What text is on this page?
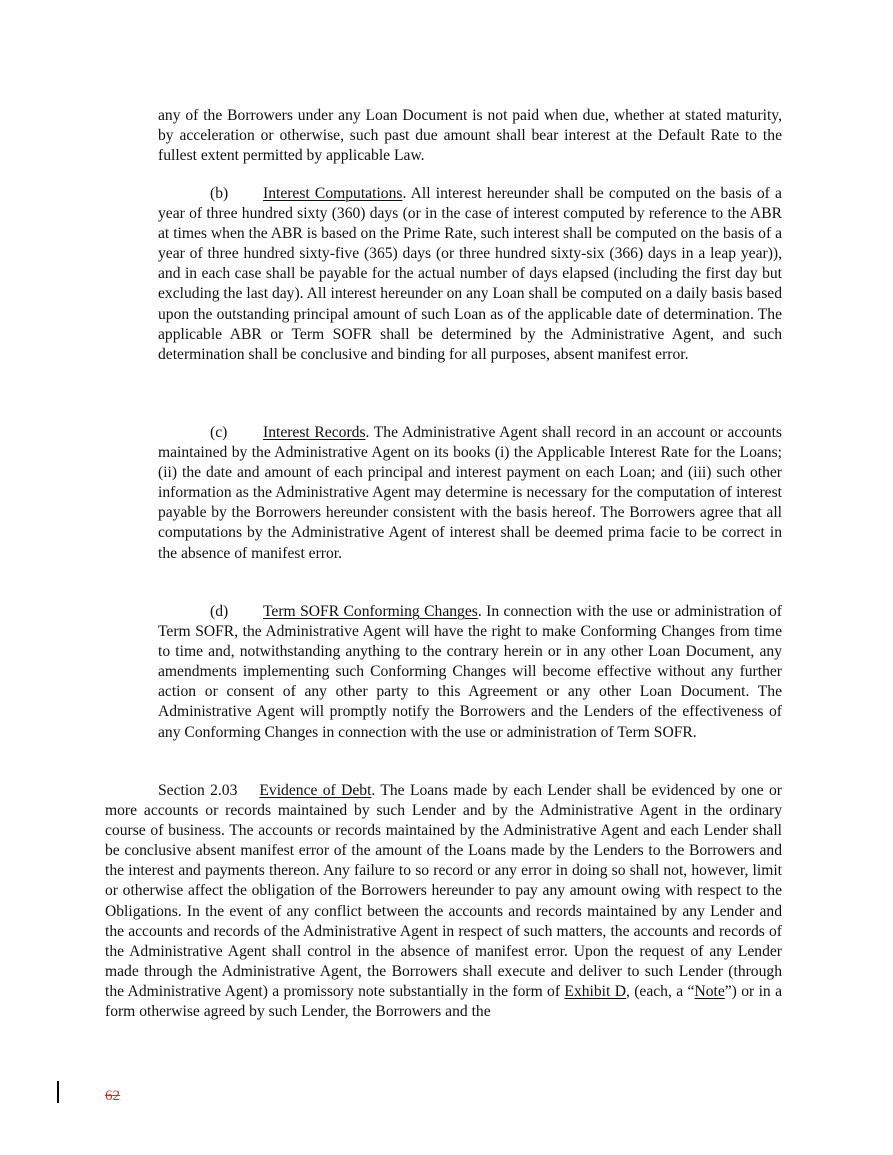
any of the Borrowers under any Loan Document is not paid when due, whether at stated maturity, by acceleration or otherwise, such past due amount shall bear interest at the Default Rate to the fullest extent permitted by applicable Law.

(b) Interest Computations. All interest hereunder shall be computed on the basis of a year of three hundred sixty (360) days (or in the case of interest computed by reference to the ABR at times when the ABR is based on the Prime Rate, such interest shall be computed on the basis of a year of three hundred sixty-five (365) days (or three hundred sixty-six (366) days in a leap year)), and in each case shall be payable for the actual number of days elapsed (including the first day but excluding the last day). All interest hereunder on any Loan shall be computed on a daily basis based upon the outstanding principal amount of such Loan as of the applicable date of determination. The applicable ABR or Term SOFR shall be determined by the Administrative Agent, and such determination shall be conclusive and binding for all purposes, absent manifest error.

(c) Interest Records. The Administrative Agent shall record in an account or accounts maintained by the Administrative Agent on its books (i) the Applicable Interest Rate for the Loans; (ii) the date and amount of each principal and interest payment on each Loan; and (iii) such other information as the Administrative Agent may determine is necessary for the computation of interest payable by the Borrowers hereunder consistent with the basis hereof. The Borrowers agree that all computations by the Administrative Agent of interest shall be deemed prima facie to be correct in the absence of manifest error.

(d) Term SOFR Conforming Changes. In connection with the use or administration of Term SOFR, the Administrative Agent will have the right to make Conforming Changes from time to time and, notwithstanding anything to the contrary herein or in any other Loan Document, any amendments implementing such Conforming Changes will become effective without any further action or consent of any other party to this Agreement or any other Loan Document. The Administrative Agent will promptly notify the Borrowers and the Lenders of the effectiveness of any Conforming Changes in connection with the use or administration of Term SOFR.

Section 2.03 Evidence of Debt. The Loans made by each Lender shall be evidenced by one or more accounts or records maintained by such Lender and by the Administrative Agent in the ordinary course of business. The accounts or records maintained by the Administrative Agent and each Lender shall be conclusive absent manifest error of the amount of the Loans made by the Lenders to the Borrowers and the interest and payments thereon. Any failure to so record or any error in doing so shall not, however, limit or otherwise affect the obligation of the Borrowers hereunder to pay any amount owing with respect to the Obligations. In the event of any conflict between the accounts and records maintained by any Lender and the accounts and records of the Administrative Agent in respect of such matters, the accounts and records of the Administrative Agent shall control in the absence of manifest error. Upon the request of any Lender made through the Administrative Agent, the Borrowers shall execute and deliver to such Lender (through the Administrative Agent) a promissory note substantially in the form of Exhibit D, (each, a “Note”) or in a form otherwise agreed by such Lender, the Borrowers and the

62
